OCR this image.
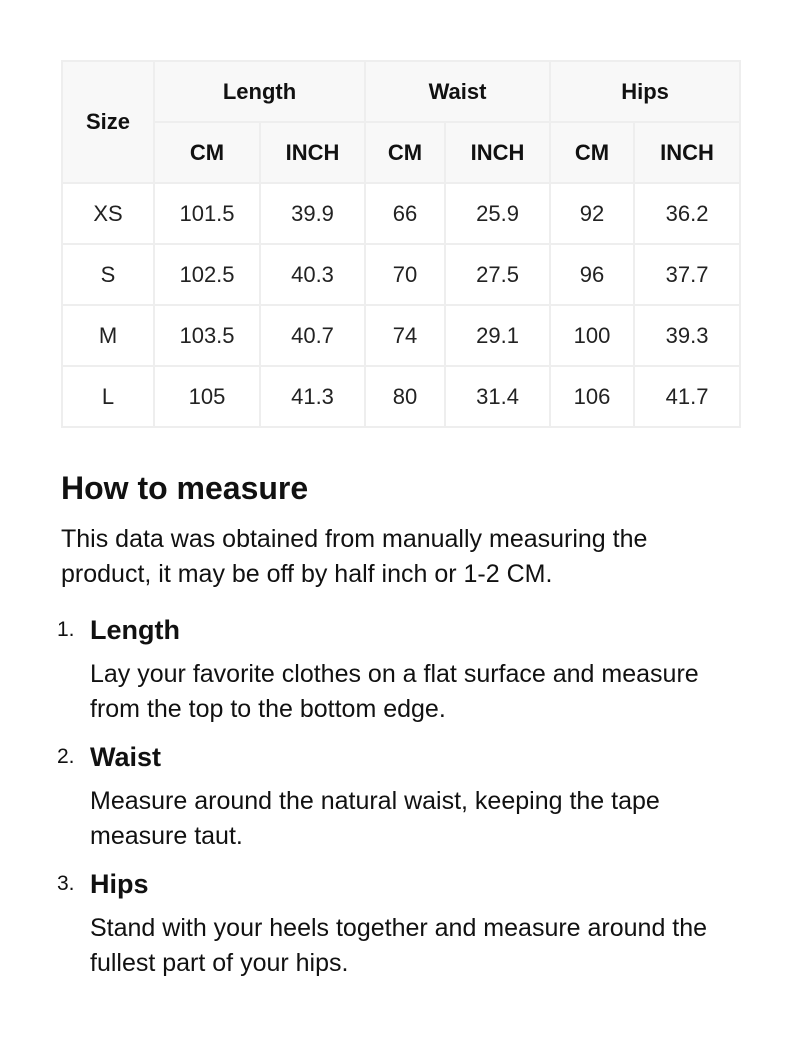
Size	Length		Waist		Hips	
	CM	INCH	CM	INCH	CM	INCH
XS	101.5	39.9	66	25.9	92	36.2
S	102.5	40.3	70	27.5	96	37.7
M	103.5	40.7	74	29.1	100	39.3
L	105	41.3	80	31.4	106	41.7
How to measure

This data was obtained from manually measuring the product, it may be off by half inch or 1-2 CM.

1. Length
Lay your favorite clothes on a flat surface and measure from the top to the bottom edge.
2. Waist
Measure around the natural waist, keeping the tape measure taut.
3. Hips
Stand with your heels together and measure around the fullest part of your hips.
